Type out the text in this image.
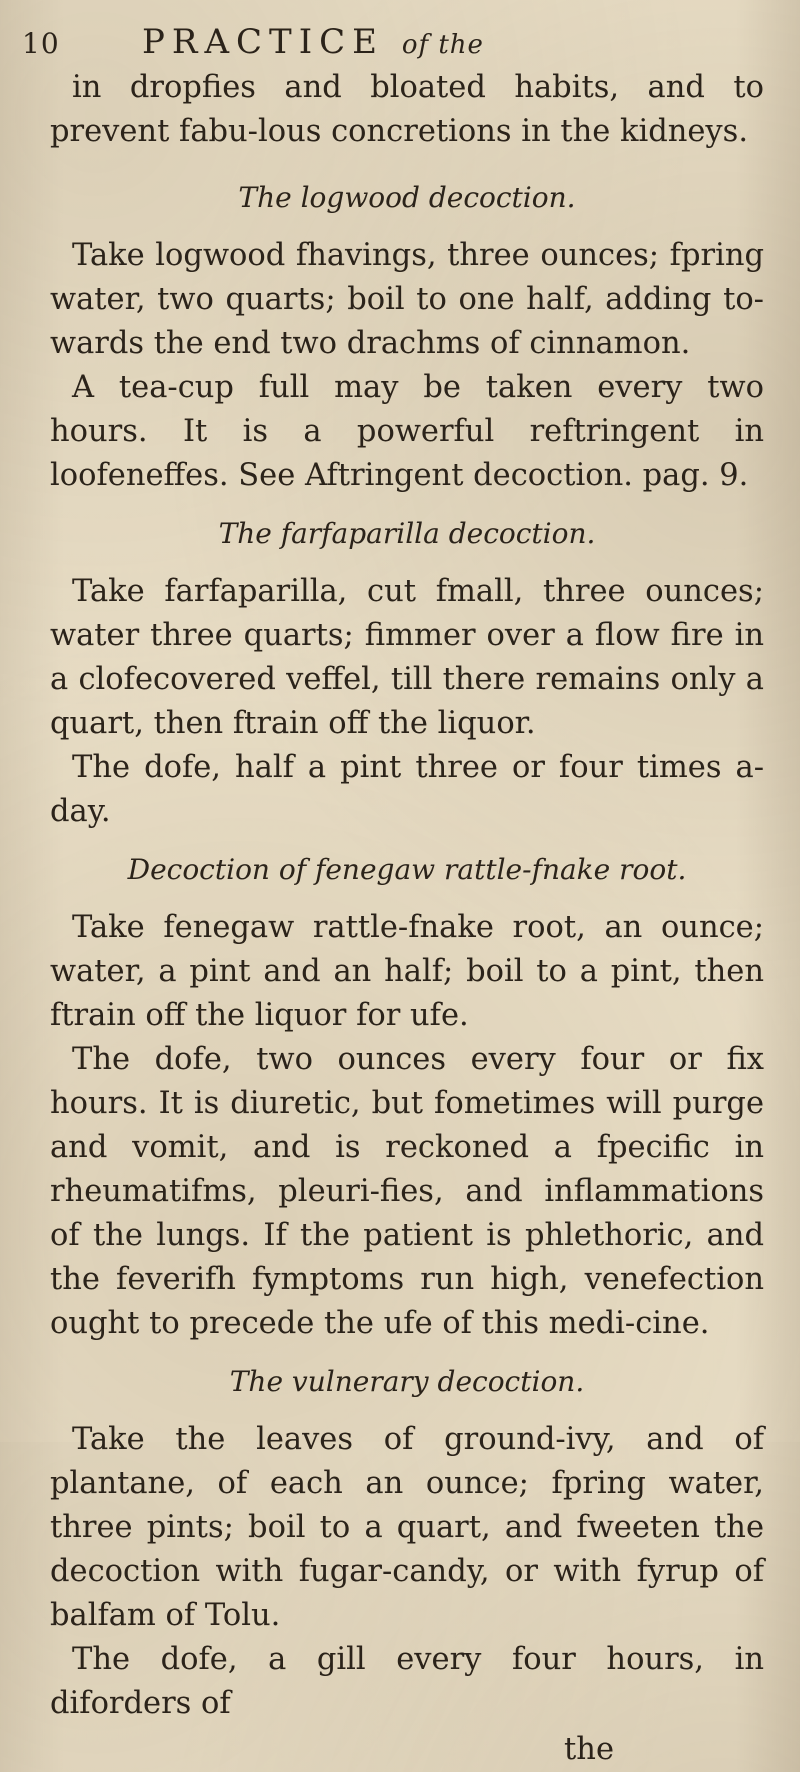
10	PRACTICE of the

in dropfies and bloated habits, and to prevent fabu-lous concretions in the kidneys.

The logwood decoction.

Take logwood fhavings, three ounces; fpring water, two quarts; boil to one half, adding to-wards the end two drachms of cinnamon.

A tea-cup full may be taken every two hours. It is a powerful reftringent in loofeneffes. See Aftringent decoction. pag. 9.

The farfaparilla decoction.

Take farfaparilla, cut fmall, three ounces; water three quarts; fimmer over a flow fire in a clofecovered veffel, till there remains only a quart, then ftrain off the liquor.

The dofe, half a pint three or four times a-day.

Decoction of fenegaw rattle-fnake root.

Take fenegaw rattle-fnake root, an ounce; water, a pint and an half; boil to a pint, then ftrain off the liquor for ufe.

The dofe, two ounces every four or fix hours. It is diuretic, but fometimes will purge and vomit, and is reckoned a fpecific in rheumatifms, pleuri-fies, and inflammations of the lungs. If the patient is phlethoric, and the feverifh fymptoms run high, venefection ought to precede the ufe of this medi-cine.

The vulnerary decoction.

Take the leaves of ground-ivy, and of plantane, of each an ounce; fpring water, three pints; boil to a quart, and fweeten the decoction with fugar-candy, or with fyrup of balfam of Tolu.

The dofe, a gill every four hours, in diforders of

the
